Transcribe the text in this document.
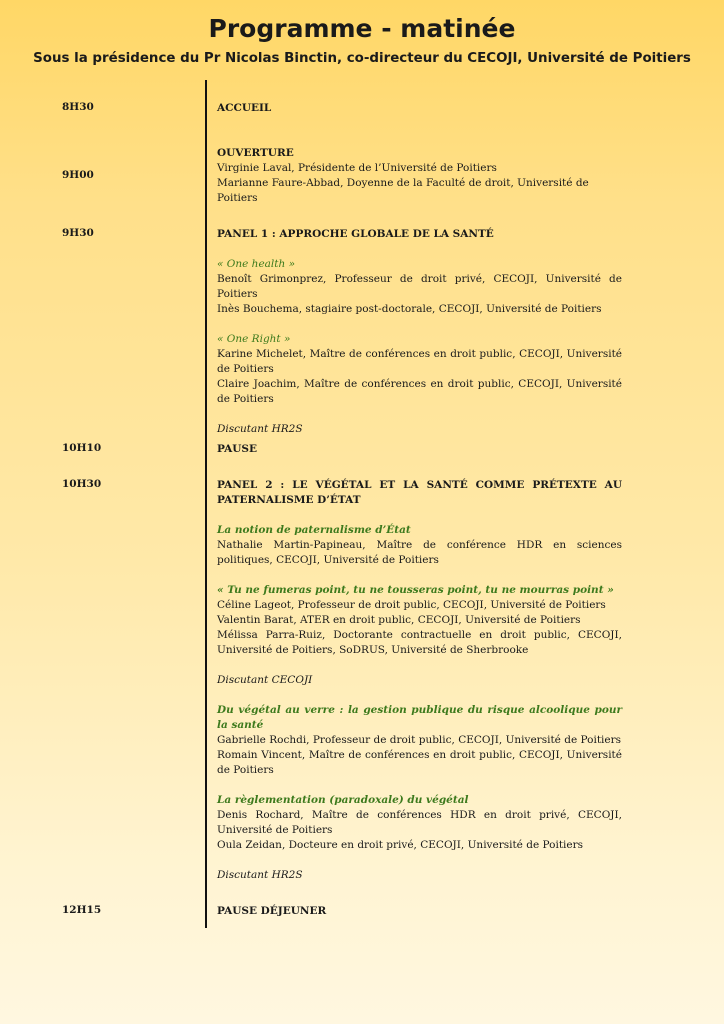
Programme - matinée
Sous la présidence du Pr Nicolas Binctin, co-directeur du CECOJI, Université de Poitiers
8H30
9H00
9H30
10H10
10H30
12H15
ACCUEIL
OUVERTURE
Virginie Laval, Présidente de l’Université de Poitiers
Marianne Faure-Abbad, Doyenne de la Faculté de droit, Université de Poitiers
PANEL 1 : APPROCHE GLOBALE DE LA SANTÉ
« One health »
Benoît Grimonprez, Professeur de droit privé, CECOJI, Université de Poitiers
Inès Bouchema, stagiaire post-doctorale, CECOJI, Université de Poitiers
« One Right »
Karine Michelet, Maître de conférences en droit public, CECOJI, Université de Poitiers
Claire Joachim, Maître de conférences en droit public, CECOJI, Université de Poitiers
Discutant HR2S
PAUSE
PANEL 2 : LE VÉGÉTAL ET LA SANTÉ COMME PRÉTEXTE AU PATERNALISME D’ÉTAT
La notion de paternalisme d’État
Nathalie Martin-Papineau, Maître de conférence HDR en sciences politiques, CECOJI, Université de Poitiers
« Tu ne fumeras point, tu ne tousseras point, tu ne mourras point »
Céline Lageot, Professeur de droit public, CECOJI, Université de Poitiers
Valentin Barat, ATER en droit public, CECOJI, Université de Poitiers
Mélissa Parra-Ruiz, Doctorante contractuelle en droit public, CECOJI, Université de Poitiers, SoDRUS, Université de Sherbrooke
Discutant CECOJI
Du végétal au verre : la gestion publique du risque alcoolique pour la santé
Gabrielle Rochdi, Professeur de droit public, CECOJI, Université de Poitiers
Romain Vincent, Maître de conférences en droit public, CECOJI, Université de Poitiers
La règlementation (paradoxale) du végétal
Denis Rochard, Maître de conférences HDR en droit privé, CECOJI, Université de Poitiers
Oula Zeidan, Docteure en droit privé, CECOJI, Université de Poitiers
Discutant HR2S
PAUSE DÉJEUNER
